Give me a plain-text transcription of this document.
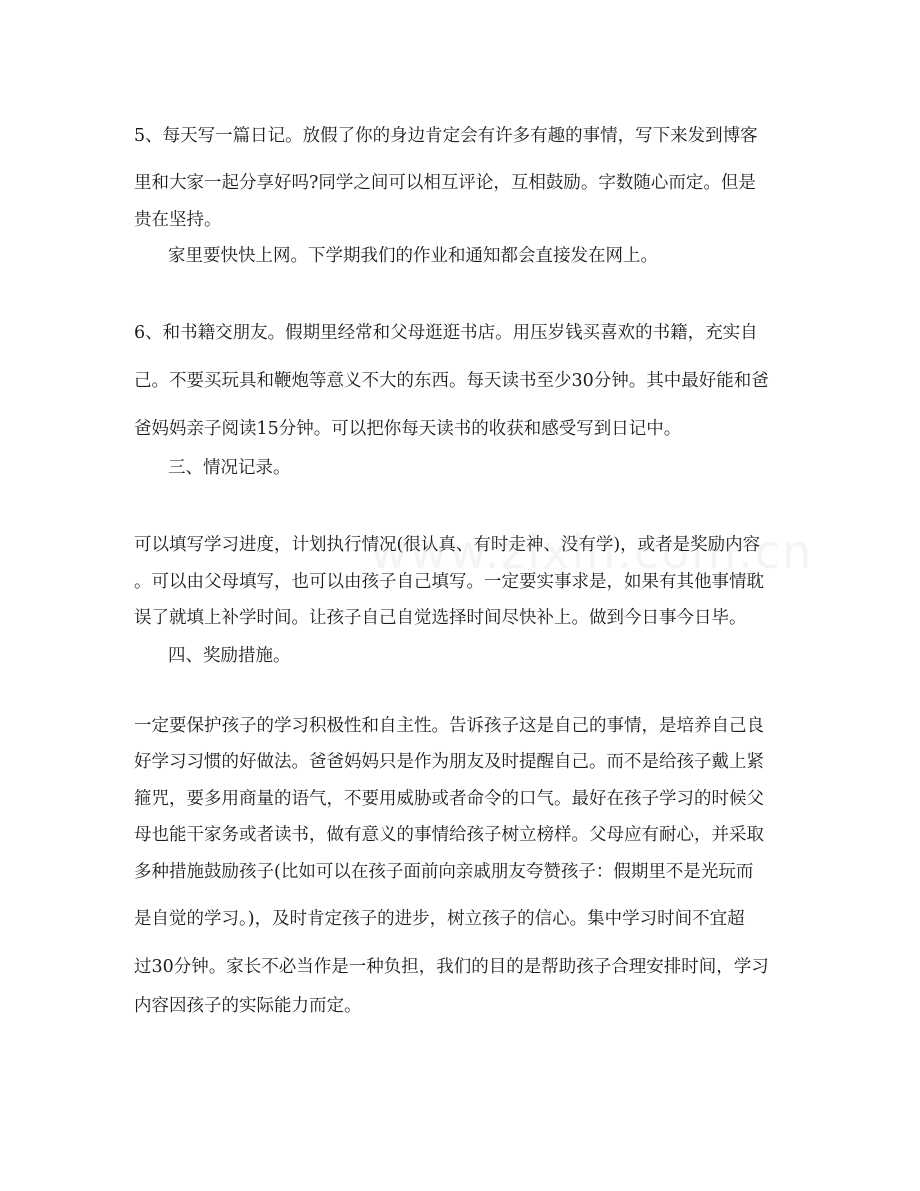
5、每天写一篇日记。放假了你的身边肯定会有许多有趣的事情，写下来发到博客
里和大家一起分享好吗?同学之间可以相互评论，互相鼓励。字数随心而定。但是
贵在坚持。
家里要快快上网。下学期我们的作业和通知都会直接发在网上。
6、和书籍交朋友。假期里经常和父母逛逛书店。用压岁钱买喜欢的书籍，充实自
己。不要买玩具和鞭炮等意义不大的东西。每天读书至少30分钟。其中最好能和爸
爸妈妈亲子阅读15分钟。可以把你每天读书的收获和感受写到日记中。
三、情况记录。
可以填写学习进度，计划执行情况(很认真、有时走神、没有学)，或者是奖励内容
。可以由父母填写，也可以由孩子自己填写。一定要实事求是，如果有其他事情耽
误了就填上补学时间。让孩子自己自觉选择时间尽快补上。做到今日事今日毕。
四、奖励措施。
一定要保护孩子的学习积极性和自主性。告诉孩子这是自己的事情，是培养自己良
好学习习惯的好做法。爸爸妈妈只是作为朋友及时提醒自己。而不是给孩子戴上紧
箍咒，要多用商量的语气，不要用威胁或者命令的口气。最好在孩子学习的时候父
母也能干家务或者读书，做有意义的事情给孩子树立榜样。父母应有耐心，并采取
多种措施鼓励孩子(比如可以在孩子面前向亲戚朋友夸赞孩子：假期里不是光玩而
是自觉的学习。)，及时肯定孩子的进步，树立孩子的信心。集中学习时间不宜超
过30分钟。家长不必当作是一种负担，我们的目的是帮助孩子合理安排时间，学习
内容因孩子的实际能力而定。
